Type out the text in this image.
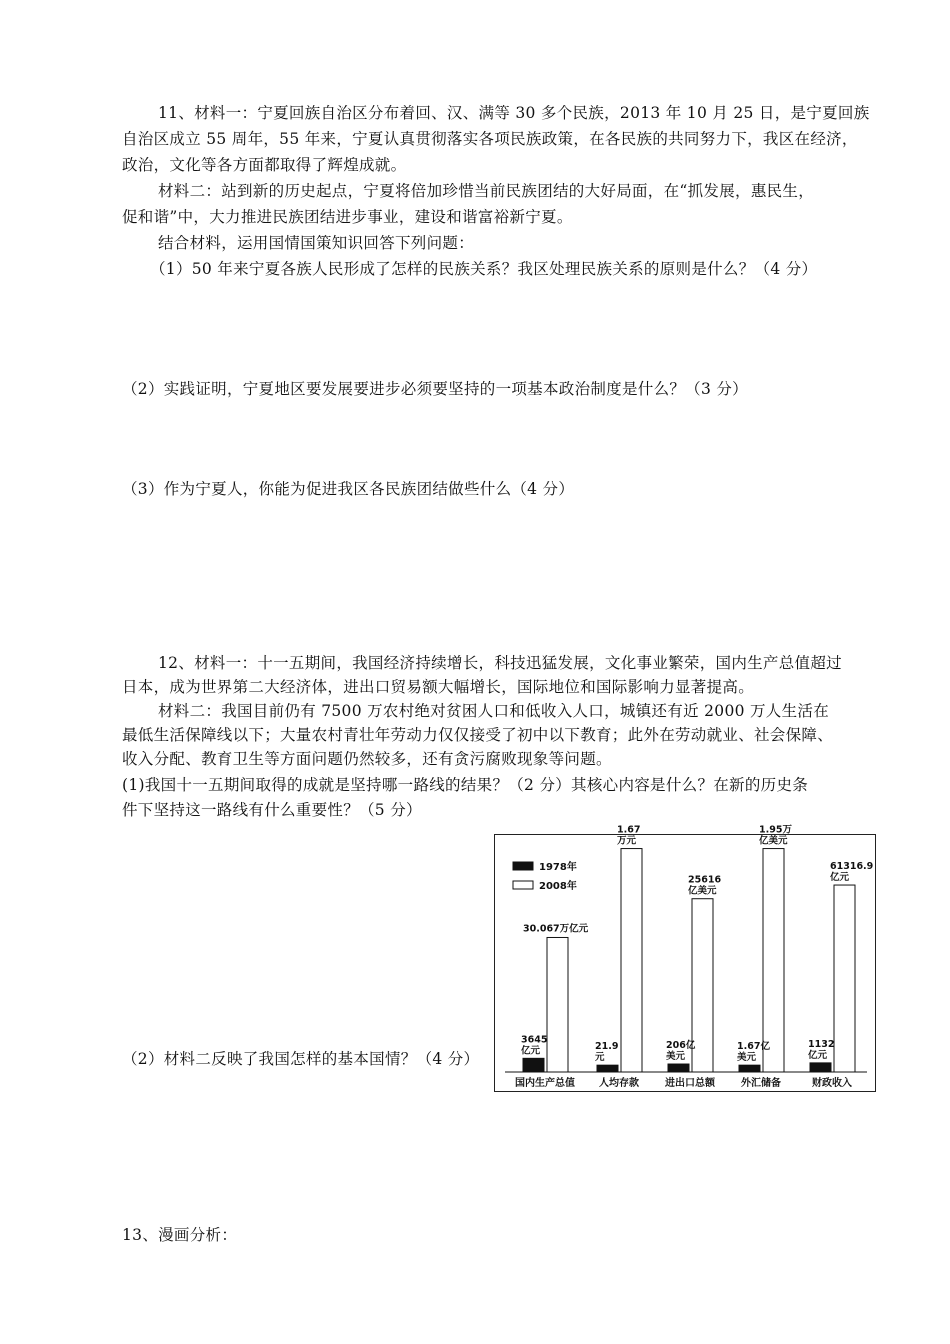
11、材料一：宁夏回族自治区分布着回、汉、满等 30 多个民族，2013 年 10 月 25 日，是宁夏回族
自治区成立 55 周年，55 年来，宁夏认真贯彻落实各项民族政策，在各民族的共同努力下，我区在经济，
政治，文化等各方面都取得了辉煌成就。
材料二：站到新的历史起点，宁夏将倍加珍惜当前民族团结的大好局面，在“抓发展，惠民生，
促和谐”中，大力推进民族团结进步事业，建设和谐富裕新宁夏。
结合材料，运用国情国策知识回答下列问题：
（1）50 年来宁夏各族人民形成了怎样的民族关系？我区处理民族关系的原则是什么？（4 分）
（2）实践证明，宁夏地区要发展要进步必须要坚持的一项基本政治制度是什么？（3 分）
（3）作为宁夏人，你能为促进我区各民族团结做些什么（4 分）
12、材料一：十一五期间，我国经济持续增长，科技迅猛发展，文化事业繁荣，国内生产总值超过
日本，成为世界第二大经济体，进出口贸易额大幅增长，国际地位和国际影响力显著提高。
材料二：我国目前仍有 7500 万农村绝对贫困人口和低收入人口，城镇还有近 2000 万人生活在
最低生活保障线以下；大量农村青壮年劳动力仅仅接受了初中以下教育；此外在劳动就业、社会保障、
收入分配、教育卫生等方面问题仍然较多，还有贪污腐败现象等问题。
(1)我国十一五期间取得的成就是坚持哪一路线的结果？（2 分）其核心内容是什么？在新的历史条
件下坚持这一路线有什么重要性？（5 分）
（2）材料二反映了我国怎样的基本国情？（4 分）
13、漫画分析：
1978年
2008年
3645
亿元
30.067万亿元
21.9
元
1.67
万元
206亿
美元
25616
亿美元
1.67亿
美元
1.95万
亿美元
1132
亿元
61316.9
亿元
国内生产总值 人均存款	进出口总额	外汇储备	财政收入
